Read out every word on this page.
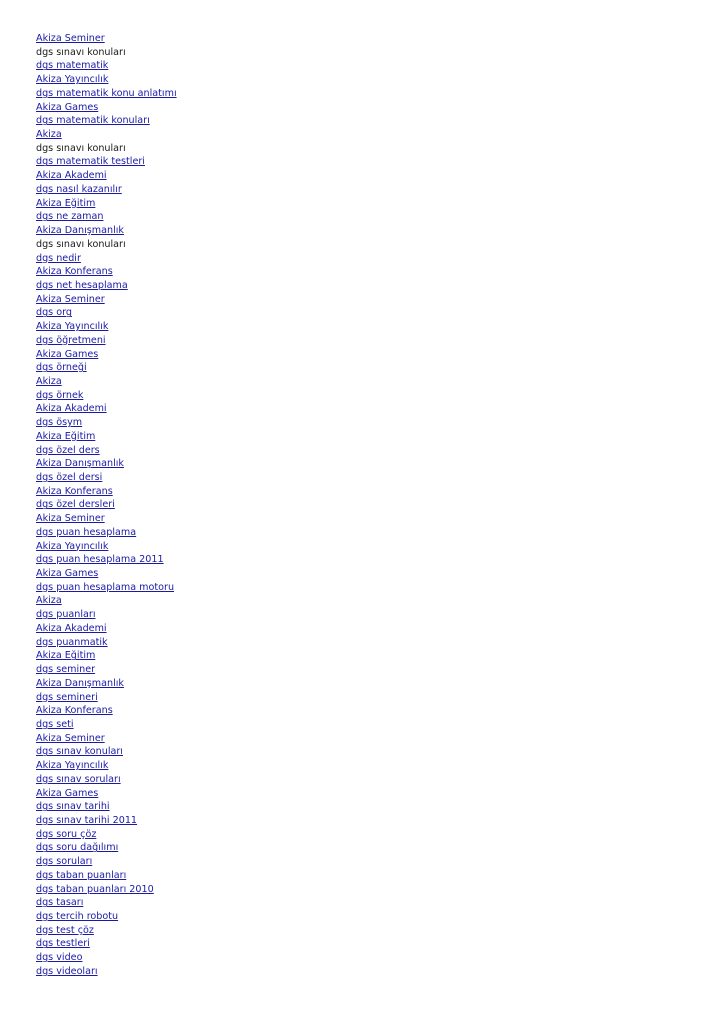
Akiza Seminer
dgs sınavı konuları
dgs matematik
Akiza Yayıncılık
dgs matematik konu anlatımı
Akiza Games
dgs matematik konuları
Akiza
dgs sınavı konuları
dgs matematik testleri
Akiza Akademi
dgs nasıl kazanılır
Akiza Eğitim
dgs ne zaman
Akiza Danışmanlık
dgs sınavı konuları
dgs nedir
Akiza Konferans
dgs net hesaplama
Akiza Seminer
dgs org
Akiza Yayıncılık
dgs öğretmeni
Akiza Games
dgs örneği
Akiza
dgs örnek
Akiza Akademi
dgs ösym
Akiza Eğitim
dgs özel ders
Akiza Danışmanlık
dgs özel dersi
Akiza Konferans
dgs özel dersleri
Akiza Seminer
dgs puan hesaplama
Akiza Yayıncılık
dgs puan hesaplama 2011
Akiza Games
dgs puan hesaplama motoru
Akiza
dgs puanları
Akiza Akademi
dgs puanmatik
Akiza Eğitim
dgs seminer
Akiza Danışmanlık
dgs semineri
Akiza Konferans
dgs seti
Akiza Seminer
dgs sınav konuları
Akiza Yayıncılık
dgs sınav soruları
Akiza Games
dgs sınav tarihi
dgs sınav tarihi 2011
dgs soru çöz
dgs soru dağılımı
dgs soruları
dgs taban puanları
dgs taban puanları 2010
dgs tasarı
dgs tercih robotu
dgs test çöz
dgs testleri
dgs video
dgs videoları
